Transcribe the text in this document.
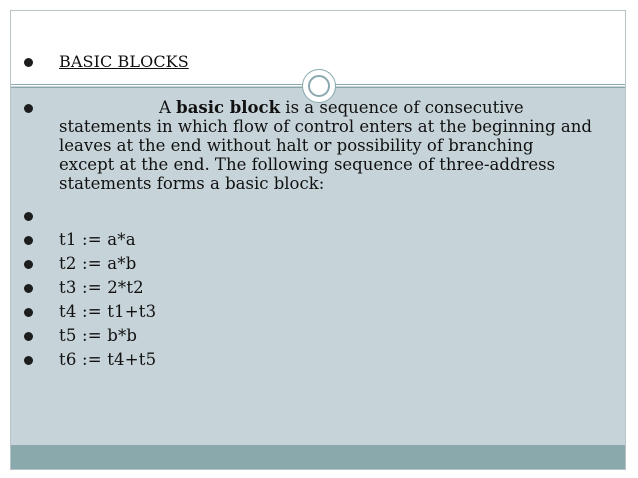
BASIC BLOCKS
A basic block is a sequence of consecutive statements in which flow of control enters at the beginning and leaves at the end without halt or possibility of branching except at the end. The following sequence of three-address statements forms a basic block:
t1 := a*a
t2 := a*b
t3 := 2*t2
t4 := t1+t3
t5 := b*b
t6 := t4+t5
